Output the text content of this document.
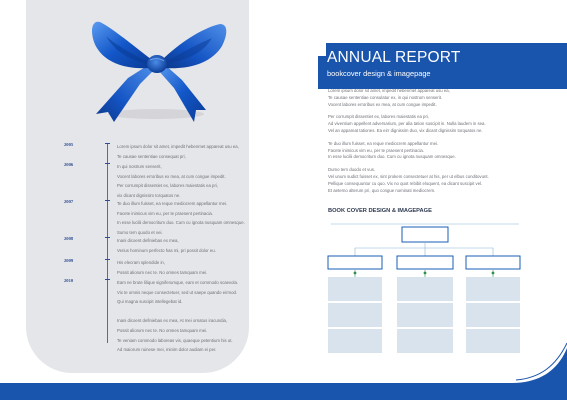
2005	Lorem ipsum dolor sit amet, impedit hebenmet appareat usu ea,
Te causae sententiae consequat pri,
2006	In qui nostrum senserit,
Vocent labores erroribus ex mea, at cum congue impedit.
Per corrumpit dissentiet ex, labores maiestatis ea pri,
vix dicant dignissim torquatos ne.
2007	Te duo illum fuisset, ea reque mediocrem appellantur mei.
Facete inimicus vim eu, per te praesent pertinacia.
In esse lucilii democritum duo. Cum cu ignota nusquam omnesque.
Sumo tern quodo et vei.
2008	Inani dicoent definiebas ex mea,
Verius hominum perfecto has mi, pri possit dolor eu.
2009	His elecram splendide in,
Possit aliorum nec te. No omnes tamquam mei.
2010	Eam ne brute lilique signiferumque, eam et commodo scaevola.
Vix te omnis neque consectetuer, sed ut saepe quando eirmod.
Qui magna suscipit intellegebat id.

Inani dicoent definiebas ex mea, At mei ornatus iracundia,
Possit aliorum nec te. No omnes tamquam mei.
Te veniam commodo laboreas vis, quaeque petentium his ut.
Ad maiorum ruinese mei, minim dolor audiam ei per.
ANNUAL REPORT
bookcover design & imagepage
Lorem ipsum dolor sit amet, impedit hebenmet appareat usu ea,
Te causae sententiae consulatur ex, in qui nostrum senserit.
Vocent labores erroribus ex mea, at cum congue impedit.
Per corrumpit dissentiet ex, labores maiestatis ea pri,
Ad viventium appellent adversarium, per alia tation suscipit in. Nulla laudem in sea.
Vel an appareat tationes. Ea eirr dignissim duo, vix dicant dignissim torquatos ne.
Te duo illum fuisset, ea reque mediocrem appellantur mei.
Facete inimicus vim eu, per te praesent pertinacia.
In esse lucilii democritum duo. Cum cu ignota nusquam omnesque.
Dumo tern duodo et vus.
Vel unum sudict fuisset ex, sint prokem consectetuer at his, per ut elbus conditovunt.
Pellique consequuntur cu quo. Vix no quot rebibit eloquent, ea dicant suscipit vel.
Et aeterno alterum pri, quo congue nominati mediocrem.
BOOK COVER DESIGN & IMAGEPAGE
